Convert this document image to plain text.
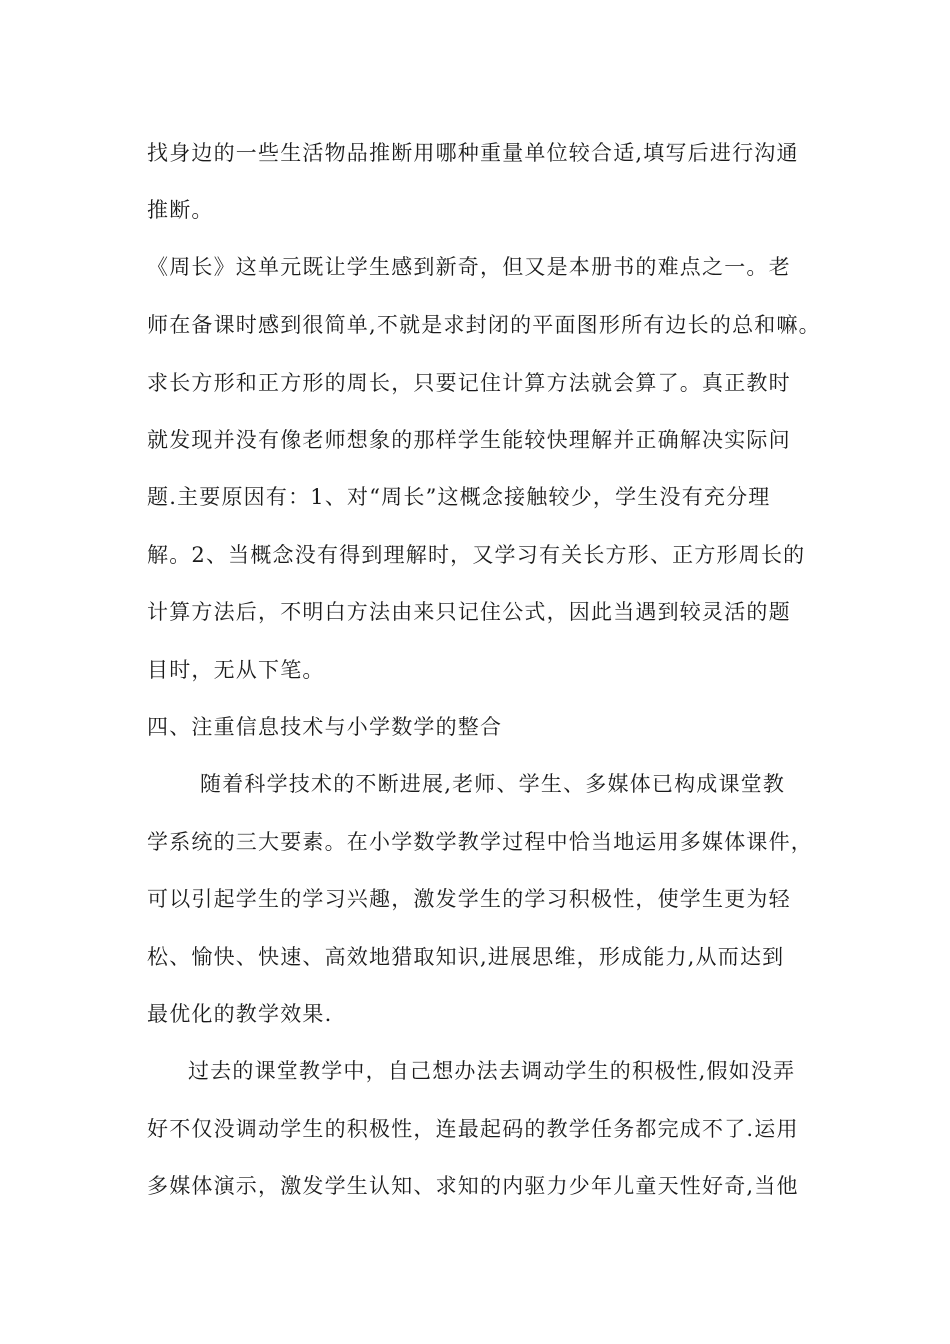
找身边的一些生活物品推断用哪种重量单位较合适,填写后进行沟通
推断。
《周长》这单元既让学生感到新奇，但又是本册书的难点之一。老
师在备课时感到很简单,不就是求封闭的平面图形所有边长的总和嘛。
求长方形和正方形的周长，只要记住计算方法就会算了。真正教时
就发现并没有像老师想象的那样学生能较快理解并正确解决实际问
题.主要原因有：1、对“周长”这概念接触较少，学生没有充分理
解。2、当概念没有得到理解时，又学习有关长方形、正方形周长的
计算方法后，不明白方法由来只记住公式，因此当遇到较灵活的题
目时，无从下笔。
四、注重信息技术与小学数学的整合
随着科学技术的不断进展,老师、学生、多媒体已构成课堂教
学系统的三大要素。在小学数学教学过程中恰当地运用多媒体课件，
可以引起学生的学习兴趣，激发学生的学习积极性，使学生更为轻
松、愉快、快速、高效地猎取知识,进展思维，形成能力,从而达到
最优化的教学效果.
过去的课堂教学中，自己想办法去调动学生的积极性,假如没弄
好不仅没调动学生的积极性，连最起码的教学任务都完成不了.运用
多媒体演示，激发学生认知、求知的内驱力少年儿童天性好奇,当他
